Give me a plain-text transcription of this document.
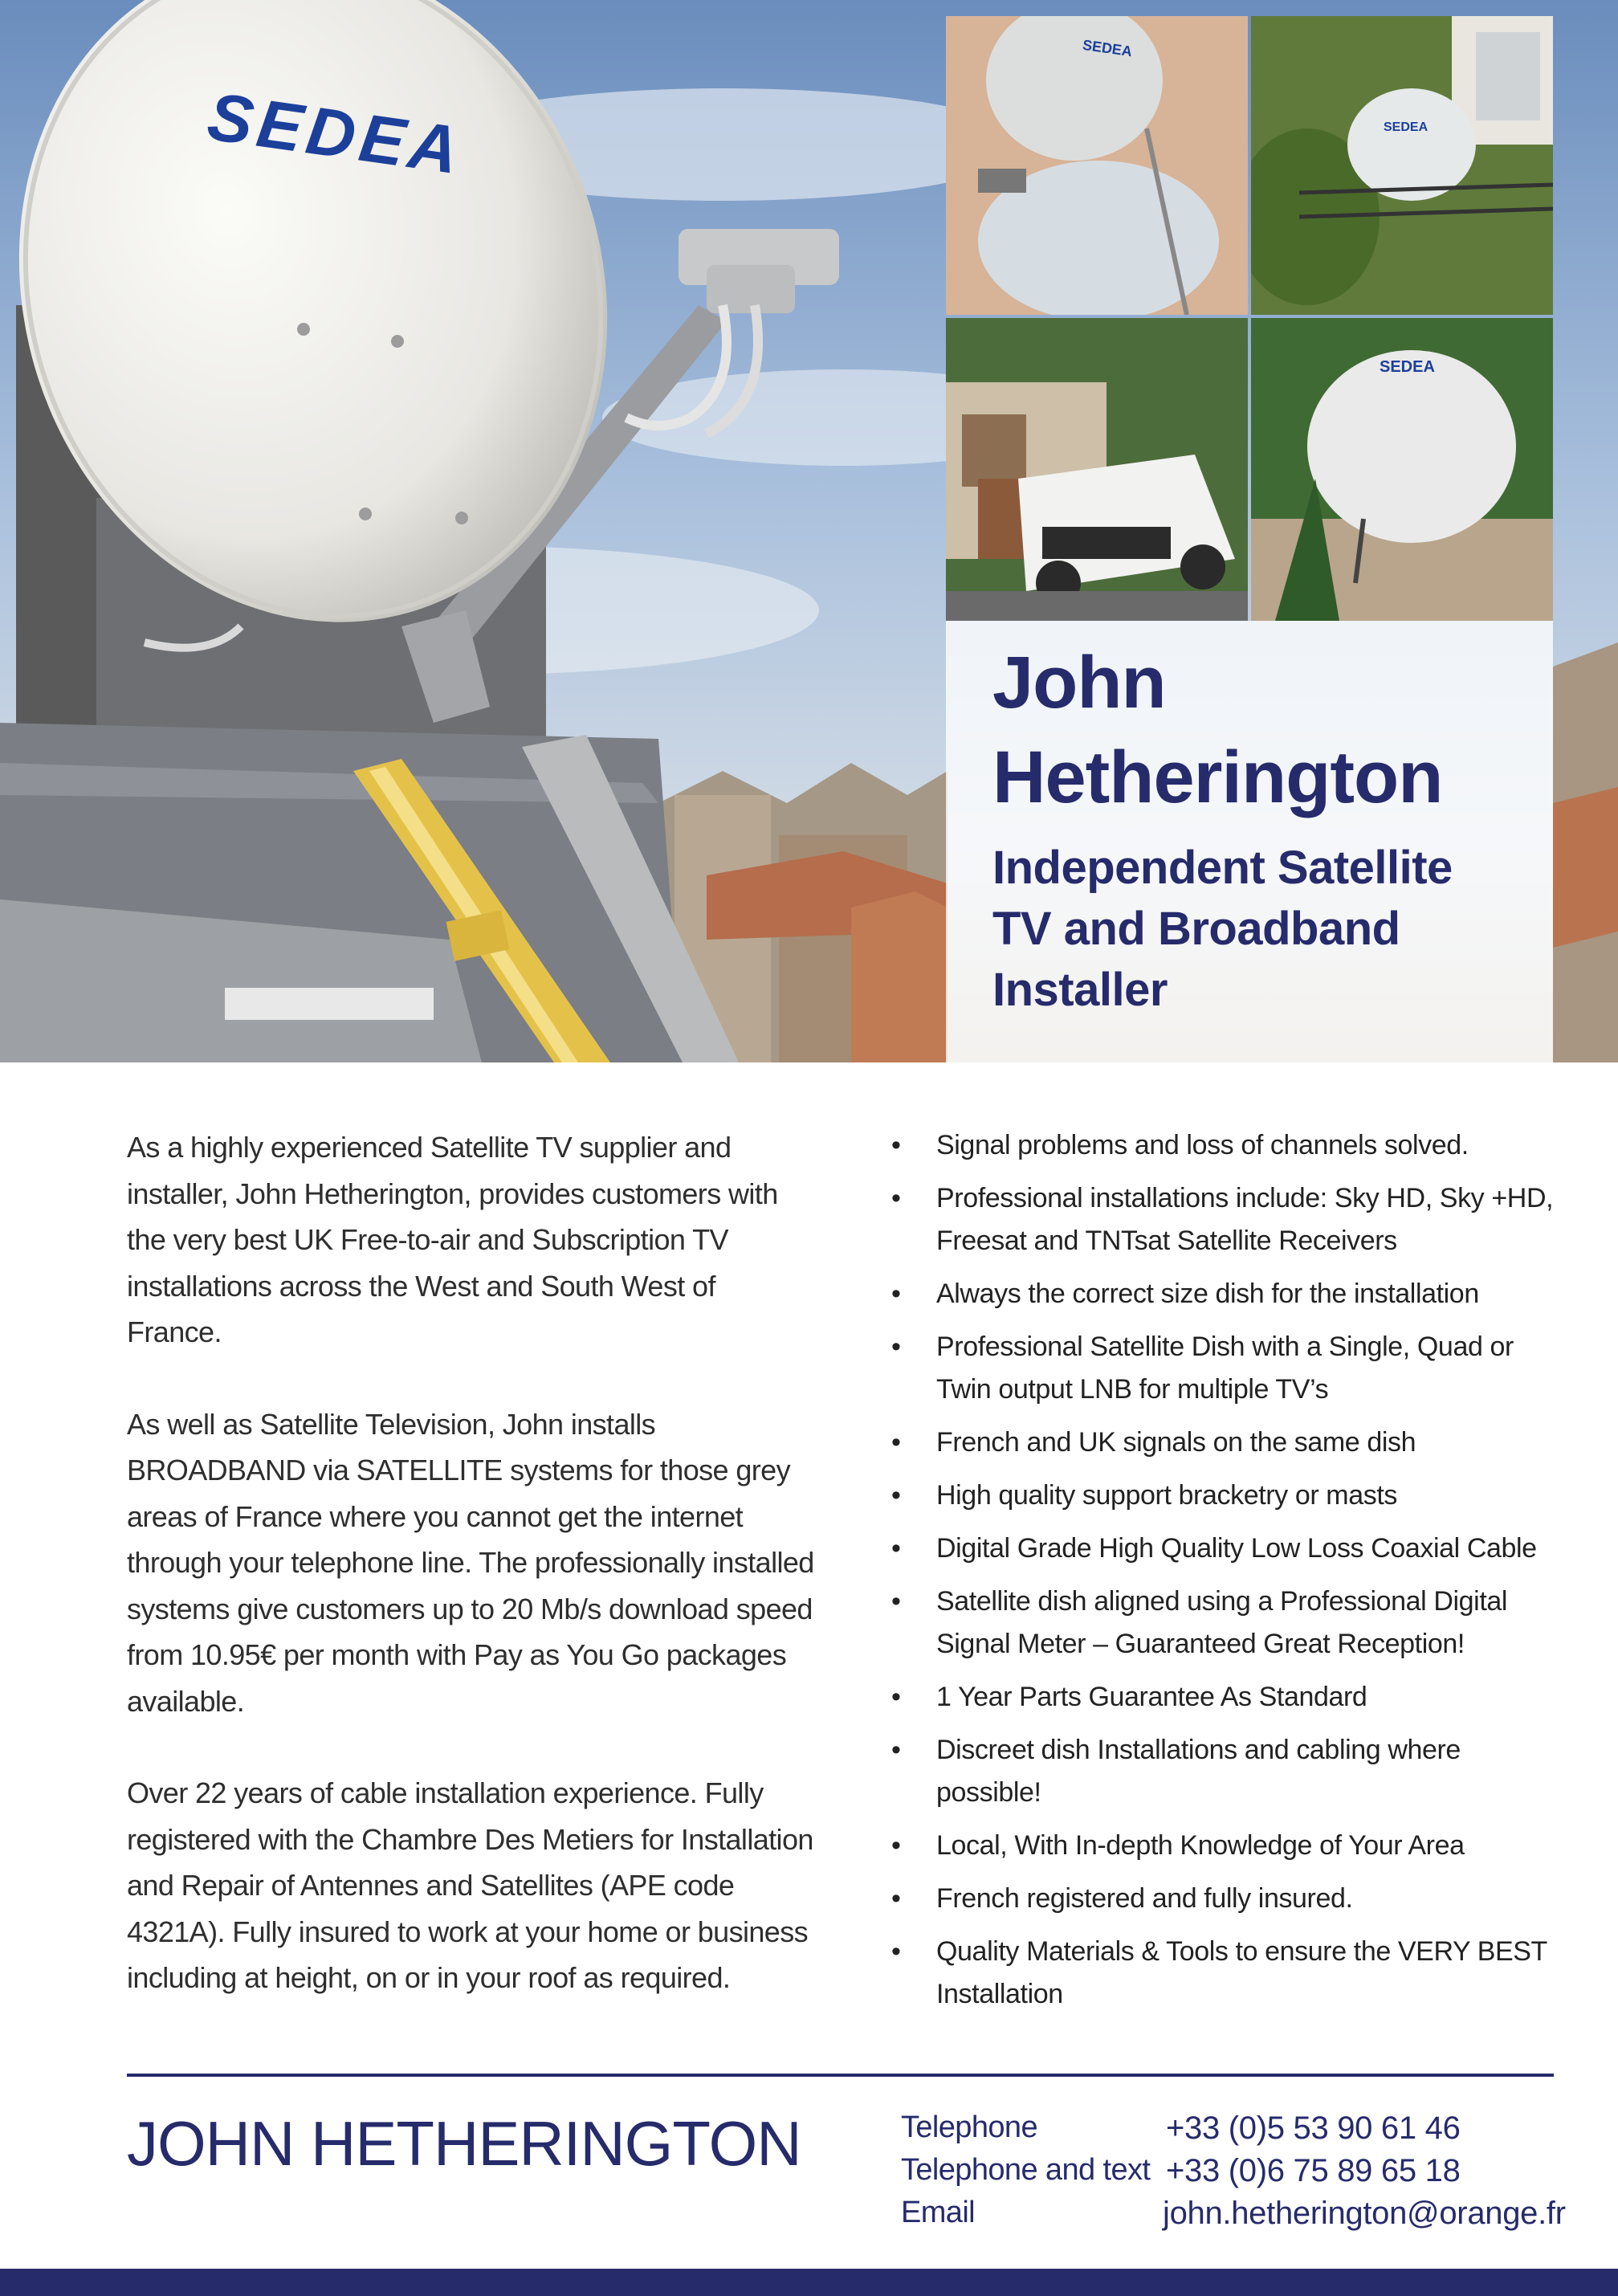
SEDEA
SEDEA
SEDEA
SEDEA
John
Hetherington
Independent Satellite
TV and Broadband
Installer

As a highly experienced Satellite TV supplier and installer, John Hetherington, provides customers with the very best UK Free-to-air and Subscription TV installations across the West and South West of France.

As well as Satellite Television, John installs BROADBAND via SATELLITE systems for those grey areas of France where you cannot get the internet through your telephone line. The professionally installed systems give customers up to 20 Mb/s download speed from 10.95€ per month with Pay as You Go packages available.

Over 22 years of cable installation experience. Fully registered with the Chambre Des Metiers for Installation and Repair of Antennes and Satellites (APE code 4321A). Fully insured to work at your home or business including at height, on or in your roof as required.

• Signal problems and loss of channels solved.
• Professional installations include: Sky HD, Sky +HD, Freesat and TNTsat Satellite Receivers
• Always the correct size dish for the installation
• Professional Satellite Dish with a Single, Quad or Twin output LNB for multiple TV’s
• French and UK signals on the same dish
• High quality support bracketry or masts
• Digital Grade High Quality Low Loss Coaxial Cable
• Satellite dish aligned using a Professional Digital Signal Meter – Guaranteed Great Reception!
• 1 Year Parts Guarantee As Standard
• Discreet dish Installations and cabling where possible!
• Local, With In-depth Knowledge of Your Area
• French registered and fully insured.
• Quality Materials & Tools to ensure the VERY BEST Installation
JOHN HETHERINGTON	Telephone	+33 (0)5 53 90 61 46
Telephone and text +33 (0)6 75 89 65 18
Email	john.hetherington@orange.fr
